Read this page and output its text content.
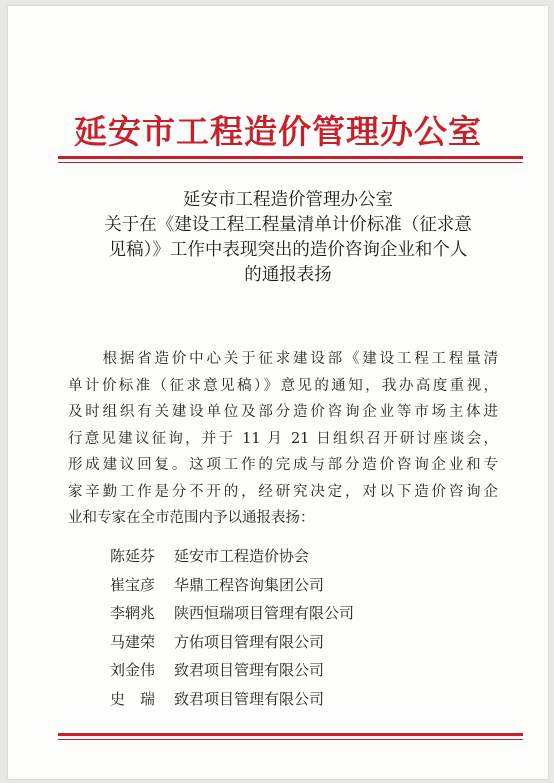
延安市工程造价管理办公室
延安市工程造价管理办公室
关于在《建设工程工程量清单计价标准（征求意
见稿）》工作中表现突出的造价咨询企业和个人
的通报表扬
　　根据省造价中心关于征求建设部《建设工程工程量清
单计价标准（征求意见稿）》意见的通知，我办高度重视，
及时组织有关建设单位及部分造价咨询企业等市场主体进
行意见建议征询，并于 11 月 21 日组织召开研讨座谈会，
形成建议回复。这项工作的完成与部分造价咨询企业和专
家辛勤工作是分不开的，经研究决定，对以下造价咨询企
业和专家在全市范围内予以通报表扬：
陈延芬 延安市工程造价协会
崔宝彦 华鼎工程咨询集团公司
李辋兆 陕西恒瑞项目管理有限公司
马建荣 方佑项目管理有限公司
刘金伟 致君项目管理有限公司
史　瑞 致君项目管理有限公司
